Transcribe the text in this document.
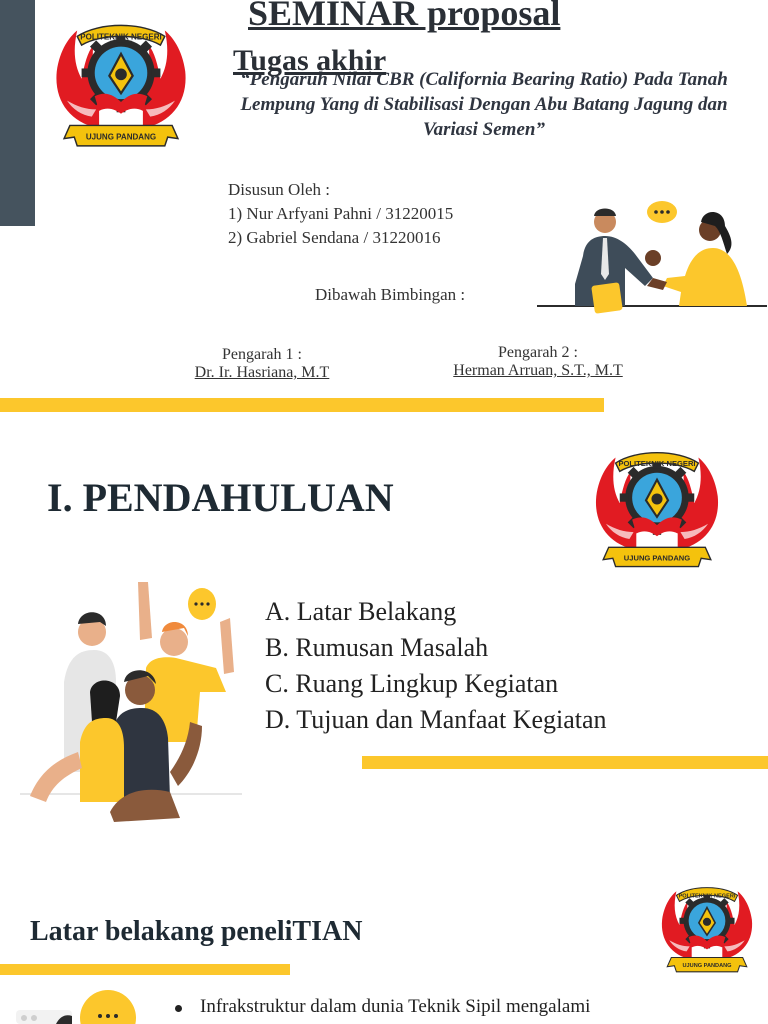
POLITEKNIK NEGERI
UJUNG PANDANG
SEMINAR proposal
“Pengaruh Nilai CBR (California Bearing Ratio) Pada Tanah Lempung Yang di Stabilisasi Dengan Abu Batang Jagung dan Variasi Semen”
Tugas akhir
Disusun Oleh :
1) Nur Arfyani Pahni / 31220015
2) Gabriel Sendana / 31220016
Dibawah Bimbingan :
Pengarah 1 :
Dr. Ir. Hasriana, M.T
Pengarah 2 :
Herman Arruan, S.T., M.T
I. PENDAHULUAN
POLITEKNIK NEGERI
UJUNG PANDANG
A. Latar Belakang
B. Rumusan Masalah
C. Ruang Lingkup Kegiatan
D. Tujuan dan Manfaat Kegiatan
Latar belakang peneliTIAN
POLITEKNIK NEGERI
UJUNG PANDANG
Infrakstruktur dalam dunia Teknik Sipil mengalami
